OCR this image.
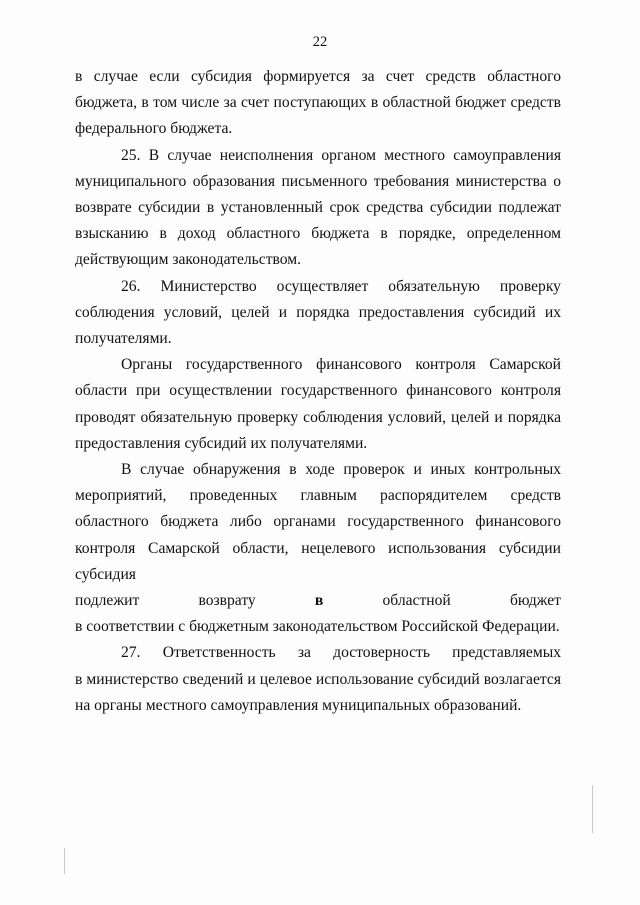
22

в случае если субсидия формируется за счет средств областного бюджета, в том числе за счет поступающих в областной бюджет средств федерального бюджета.

25. В случае неисполнения органом местного самоуправления муниципального образования письменного требования министерства о возврате субсидии в установленный срок средства субсидии подлежат взысканию в доход областного бюджета в порядке, определенном действующим законодательством.

26. Министерство осуществляет обязательную проверку

соблюдения условий, целей и порядка предоставления субсидий их получателями.

Органы государственного финансового контроля Самарской области при осуществлении государственного финансового контроля проводят обязательную проверку соблюдения условий, целей и порядка предоставления субсидий их получателями.

В случае обнаружения в ходе проверок и иных контрольных мероприятий, проведенных главным распорядителем средств областного бюджета либо органами государственного финансового контроля Самарской области, нецелевого использования субсидии субсидия

подлежит	возврату	в	областной	бюджет
в соответствии с бюджетным законодательством Российской Федерации.
27. Ответственность за достоверность представляемых

в министерство сведений и целевое использование субсидий возлагается на органы местного самоуправления муниципальных образований.
